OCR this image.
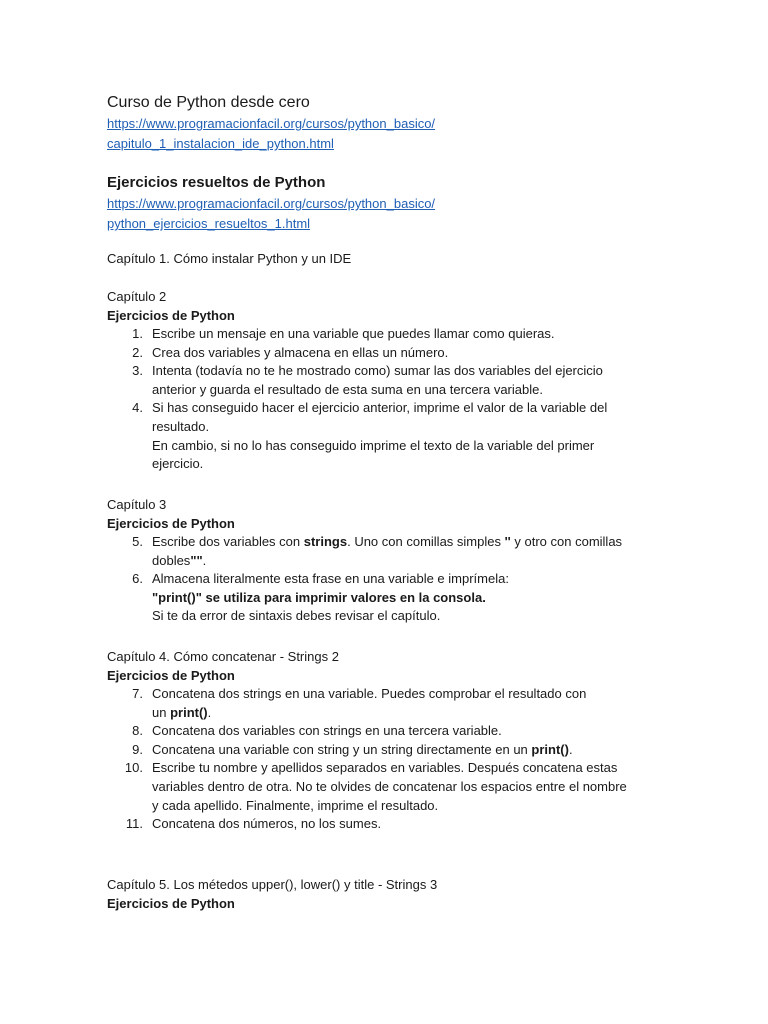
Curso de Python desde cero
https://www.programacionfacil.org/cursos/python_basico/
capitulo_1_instalacion_ide_python.html
Ejercicios resueltos de Python
https://www.programacionfacil.org/cursos/python_basico/
python_ejercicios_resueltos_1.html
Capítulo 1. Cómo instalar Python y un IDE
Capítulo 2
Ejercicios de Python
1. Escribe un mensaje en una variable que puedes llamar como quieras.
2. Crea dos variables y almacena en ellas un número.
3. Intenta (todavía no te he mostrado como) sumar las dos variables del ejercicio
anterior y guarda el resultado de esta suma en una tercera variable.
4. Si has conseguido hacer el ejercicio anterior, imprime el valor de la variable del
resultado.
En cambio, si no lo has conseguido imprime el texto de la variable del primer
ejercicio.
Capítulo 3
Ejercicios de Python
5. Escribe dos variables con strings. Uno con comillas simples '' y otro con comillas
dobles"".
6. Almacena literalmente esta frase en una variable e imprímela:
"print()" se utiliza para imprimir valores en la consola.
Si te da error de sintaxis debes revisar el capítulo.
Capítulo 4. Cómo concatenar - Strings 2
Ejercicios de Python
7. Concatena dos strings en una variable. Puedes comprobar el resultado con
un print().
8. Concatena dos variables con strings en una tercera variable.
9. Concatena una variable con string y un string directamente en un print().
10. Escribe tu nombre y apellidos separados en variables. Después concatena estas
variables dentro de otra. No te olvides de concatenar los espacios entre el nombre
y cada apellido. Finalmente, imprime el resultado.
11. Concatena dos números, no los sumes.
Capítulo 5. Los métedos upper(), lower() y title - Strings 3
Ejercicios de Python
